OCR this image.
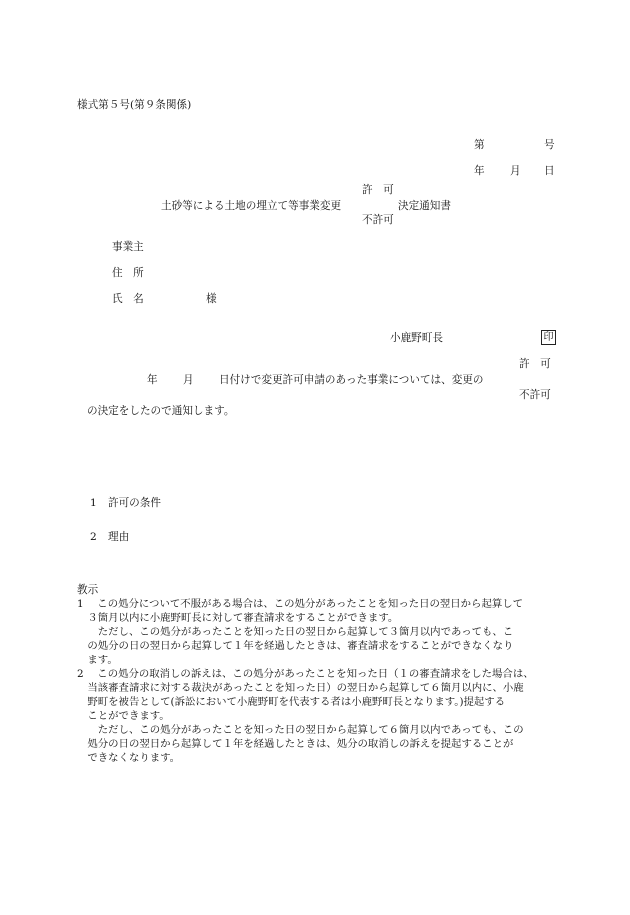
様式第５号(第９条関係)
第	号
年 月 日
許　可
土砂等による土地の埋立て等事業変更	決定通知書
不許可
事業主
住　所
氏　名	様
小鹿野町長	印
許　可
年 月 日付けで変更許可申請のあった事業については、変更の
不許可
の決定をしたので通知します。
1 許可の条件
2 理由
教示
1　 この処分について不服がある場合は、この処分があったことを知った日の翌日から起算して
　３箇月以内に小鹿野町長に対して審査請求をすることができます。
　　ただし、この処分があったことを知った日の翌日から起算して３箇月以内であっても、こ
　の処分の日の翌日から起算して１年を経過したときは、審査請求をすることができなくなり
　ます。
2　 この処分の取消しの訴えは、この処分があったことを知った日（１の審査請求をした場合は、
　当該審査請求に対する裁決があったことを知った日）の翌日から起算して６箇月以内に、小鹿
　野町を被告として(訴訟において小鹿野町を代表する者は小鹿野町長となります。)提起する
　ことができます。
　　ただし、この処分があったことを知った日の翌日から起算して６箇月以内であっても、この
　処分の日の翌日から起算して１年を経過したときは、処分の取消しの訴えを提起することが
　できなくなります。
